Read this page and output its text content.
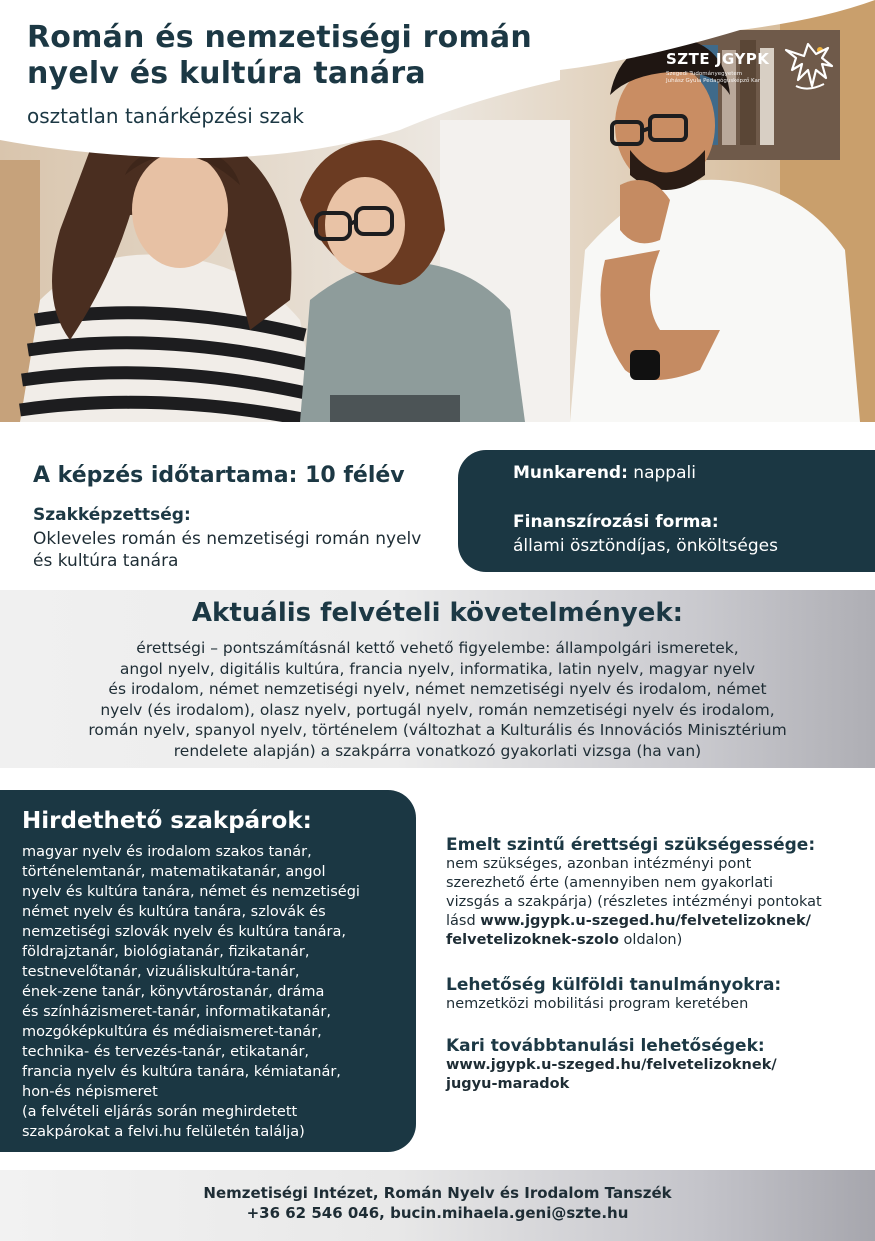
Román és nemzetiségi román
nyelv és kultúra tanára
osztatlan tanárképzési szak
SZTE JGYPK
Szegedi Tudományegyetem
Juhász Gyula Pedagógusképző Kar
A képzés időtartama: 10 félév
Szakképzettség:
Okleveles román és nemzetiségi román nyelv és kultúra tanára
Munkarend: nappali
Finanszírozási forma:
állami ösztöndíjas, önköltséges
Aktuális felvételi követelmények:
érettségi – pontszámításnál kettő vehető figyelembe: állampolgári ismeretek,
angol nyelv, digitális kultúra, francia nyelv, informatika, latin nyelv, magyar nyelv
és irodalom, német nemzetiségi nyelv, német nemzetiségi nyelv és irodalom, német
nyelv (és irodalom), olasz nyelv, portugál nyelv, román nemzetiségi nyelv és irodalom,
román nyelv, spanyol nyelv, történelem (változhat a Kulturális és Innovációs Minisztérium
rendelete alapján) a szakpárra vonatkozó gyakorlati vizsga (ha van)
Hirdethető szakpárok:
magyar nyelv és irodalom szakos tanár,
történelemtanár, matematikatanár, angol
nyelv és kultúra tanára, német és nemzetiségi
német nyelv és kultúra tanára, szlovák és
nemzetiségi szlovák nyelv és kultúra tanára,
földrajztanár, biológiatanár, fizikatanár,
testnevelőtanár, vizuáliskultúra-tanár,
ének-zene tanár, könyvtárostanár, dráma
és színházismeret-tanár, informatikatanár,
mozgóképkultúra és médiaismeret-tanár,
technika- és tervezés-tanár, etikatanár,
francia nyelv és kultúra tanára, kémiatanár,
hon-és népismeret
(a felvételi eljárás során meghirdetett
szakpárokat a felvi.hu felületén találja)
Emelt szintű érettségi szükségessége:
nem szükséges, azonban intézményi pont
szerezhető érte (amennyiben nem gyakorlati
vizsgás a szakpárja) (részletes intézményi pontokat
lásd www.jgypk.u-szeged.hu/felvetelizoknek/
felvetelizoknek-szolo oldalon)
Lehetőség külföldi tanulmányokra:
nemzetközi mobilitási program keretében
Kari továbbtanulási lehetőségek:
www.jgypk.u-szeged.hu/felvetelizoknek/
jugyu-maradok
Nemzetiségi Intézet, Román Nyelv és Irodalom Tanszék
+36 62 546 046, bucin.mihaela.geni@szte.hu
